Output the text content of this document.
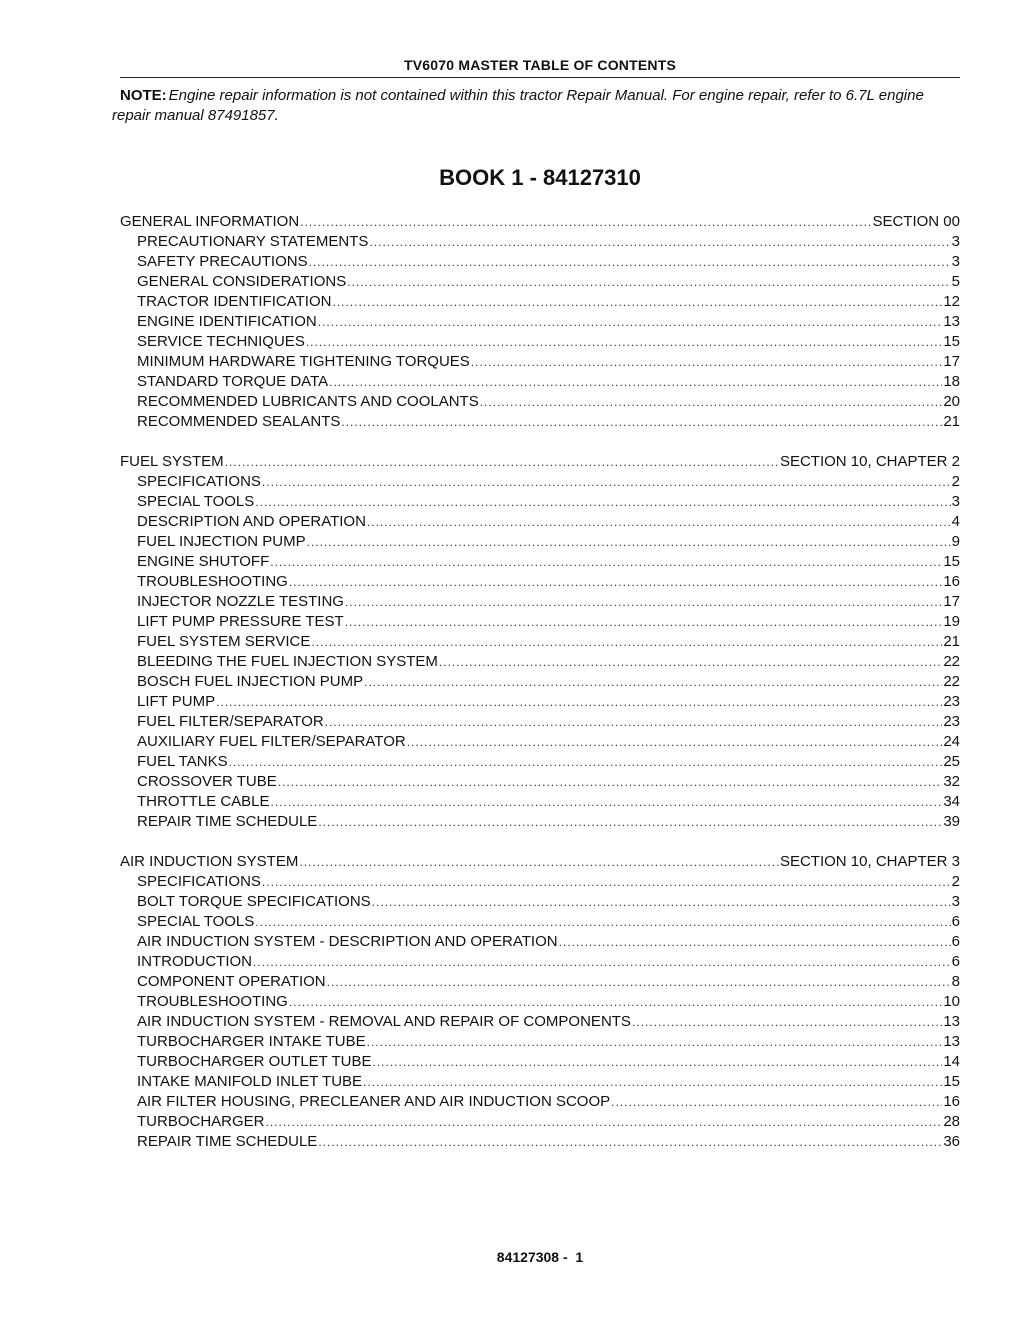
TV6070 MASTER TABLE OF CONTENTS
NOTE: Engine repair information is not contained within this tractor Repair Manual. For engine repair, refer to 6.7L engine repair manual 87491857.
BOOK 1 - 84127310
GENERAL INFORMATION .....	SECTION 00
PRECAUTIONARY STATEMENTS .....	3
SAFETY PRECAUTIONS .....	3
GENERAL CONSIDERATIONS .....	5
TRACTOR IDENTIFICATION .....	12
ENGINE IDENTIFICATION .....	13
SERVICE TECHNIQUES .....	15
MINIMUM HARDWARE TIGHTENING TORQUES .....	17
STANDARD TORQUE DATA .....	18
RECOMMENDED LUBRICANTS AND COOLANTS .....	20
RECOMMENDED SEALANTS .....	21
FUEL SYSTEM .....	SECTION 10, CHAPTER 2
SPECIFICATIONS .....	2
SPECIAL TOOLS .....	3
DESCRIPTION AND OPERATION .....	4
FUEL INJECTION PUMP .....	9
ENGINE SHUTOFF .....	15
TROUBLESHOOTING .....	16
INJECTOR NOZZLE TESTING .....	17
LIFT PUMP PRESSURE TEST .....	19
FUEL SYSTEM SERVICE .....	21
BLEEDING THE FUEL INJECTION SYSTEM .....	22
BOSCH FUEL INJECTION PUMP .....	22
LIFT PUMP .....	23
FUEL FILTER/SEPARATOR .....	23
AUXILIARY FUEL FILTER/SEPARATOR .....	24
FUEL TANKS .....	25
CROSSOVER TUBE .....	32
THROTTLE CABLE .....	34
REPAIR TIME SCHEDULE .....	39
AIR INDUCTION SYSTEM .....	SECTION 10, CHAPTER 3
SPECIFICATIONS .....	2
BOLT TORQUE SPECIFICATIONS .....	3
SPECIAL TOOLS .....	6
AIR INDUCTION SYSTEM - DESCRIPTION AND OPERATION .....	6
INTRODUCTION .....	6
COMPONENT OPERATION .....	8
TROUBLESHOOTING .....	10
AIR INDUCTION SYSTEM - REMOVAL AND REPAIR OF COMPONENTS .....	13
TURBOCHARGER INTAKE TUBE .....	13
TURBOCHARGER OUTLET TUBE .....	14
INTAKE MANIFOLD INLET TUBE .....	15
AIR FILTER HOUSING, PRECLEANER AND AIR INDUCTION SCOOP .....	16
TURBOCHARGER .....	28
REPAIR TIME SCHEDULE .....	36
84127308 -  1
